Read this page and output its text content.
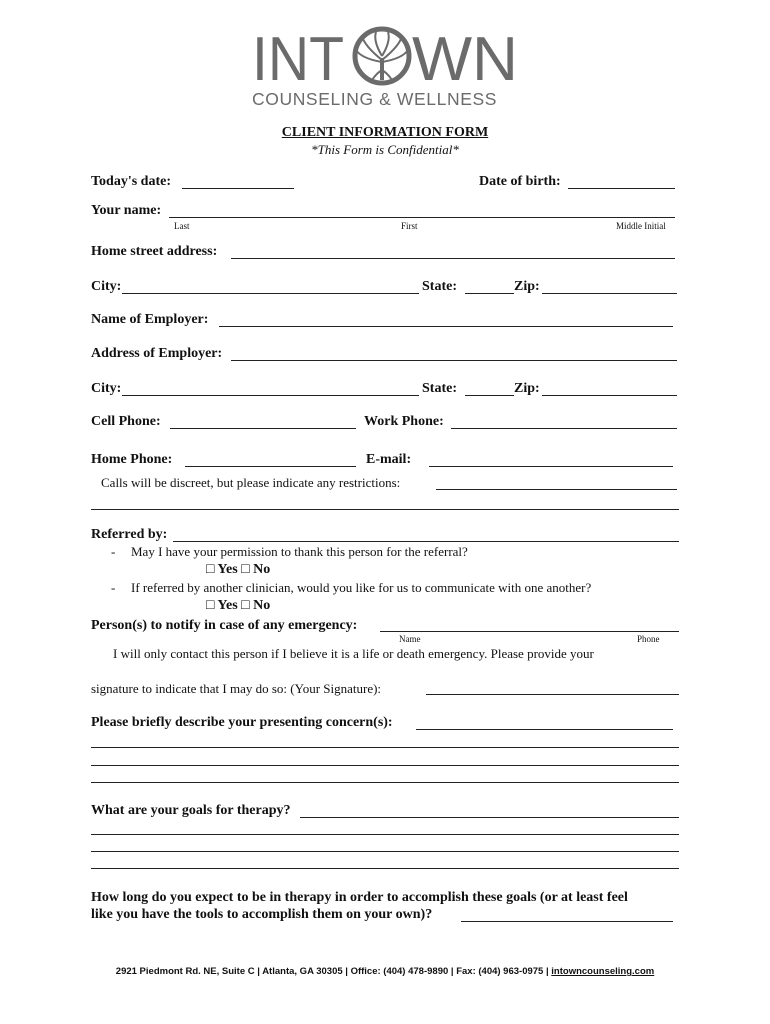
INT WN
COUNSELING & WELLNESS
CLIENT INFORMATION FORM
*This Form is Confidential*
Today's date:	Date of birth:
Your name:
Last	First	Middle Initial
Home street address:
City:	State:	Zip:
Name of Employer:
Address of Employer:
City:	State:	Zip:
Cell Phone:	Work Phone:
Home Phone:	E-mail:
Calls will be discreet, but please indicate any restrictions:
Referred by:
- May I have your permission to thank this person for the referral?
□ Yes □ No
- If referred by another clinician, would you like for us to communicate with one another?
□ Yes □ No
Person(s) to notify in case of any emergency:
Name	Phone
I will only contact this person if I believe it is a life or death emergency. Please provide your
signature to indicate that I may do so: (Your Signature):
Please briefly describe your presenting concern(s):
What are your goals for therapy?
How long do you expect to be in therapy in order to accomplish these goals (or at least feel
like you have the tools to accomplish them on your own)?
2921 Piedmont Rd. NE, Suite C | Atlanta, GA 30305 | Office: (404) 478-9890 | Fax: (404) 963-0975 | intowncounseling.com
